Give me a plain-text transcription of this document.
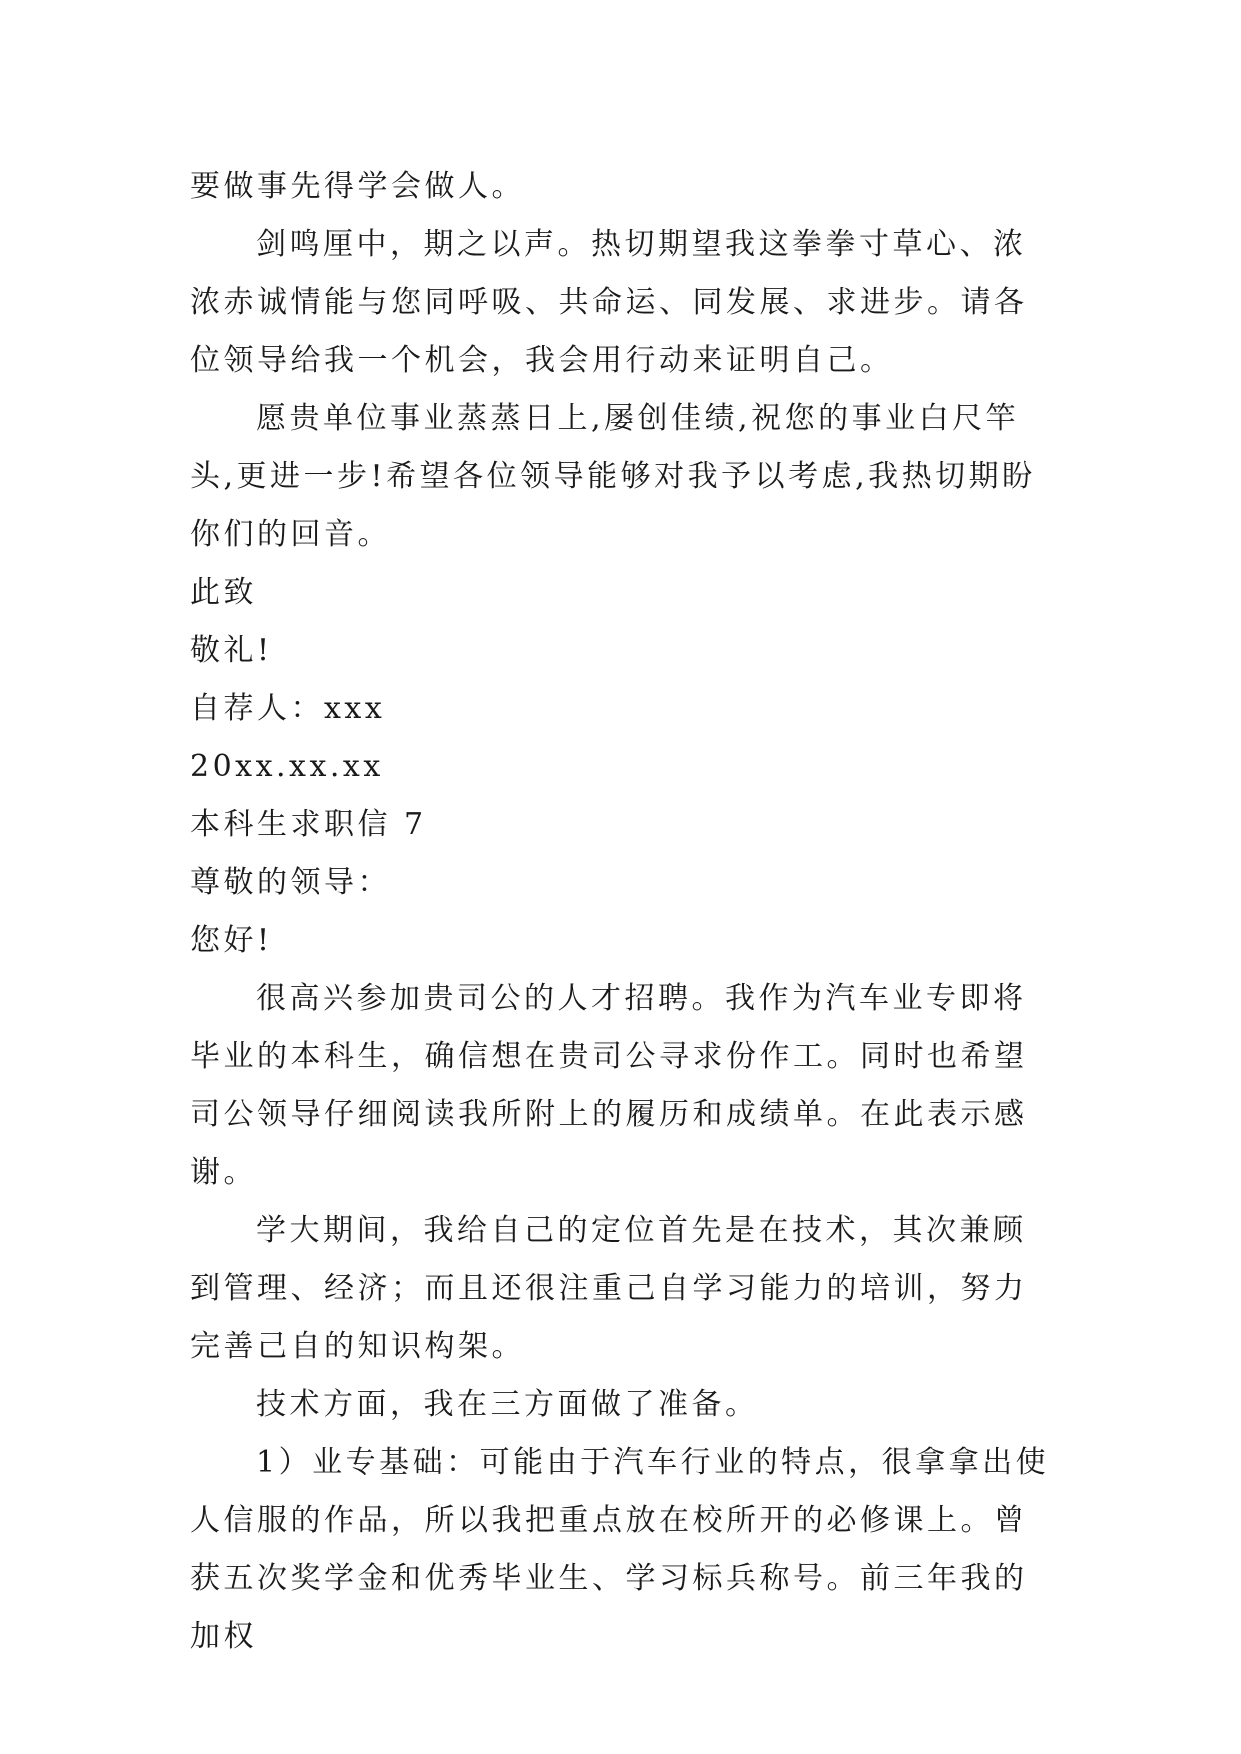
要做事先得学会做人。

剑鸣厘中，期之以声。热切期望我这拳拳寸草心、浓浓赤诚情能与您同呼吸、共命运、同发展、求进步。请各位领导给我一个机会，我会用行动来证明自己。

愿贵单位事业蒸蒸日上,屡创佳绩,祝您的事业白尺竿头,更进一步!希望各位领导能够对我予以考虑,我热切期盼你们的回音。

此致

敬礼!

自荐人：xxx

20xx.xx.xx

本科生求职信 7

尊敬的领导：

您好!

很高兴参加贵司公的人才招聘。我作为汽车业专即将毕业的本科生，确信想在贵司公寻求份作工。同时也希望司公领导仔细阅读我所附上的履历和成绩单。在此表示感谢。

学大期间，我给自己的定位首先是在技术，其次兼顾到管理、经济；而且还很注重己自学习能力的培训，努力完善己自的知识构架。

技术方面，我在三方面做了准备。

1）业专基础：可能由于汽车行业的特点，很拿拿出使人信服的作品，所以我把重点放在校所开的必修课上。曾获五次奖学金和优秀毕业生、学习标兵称号。前三年我的加权
